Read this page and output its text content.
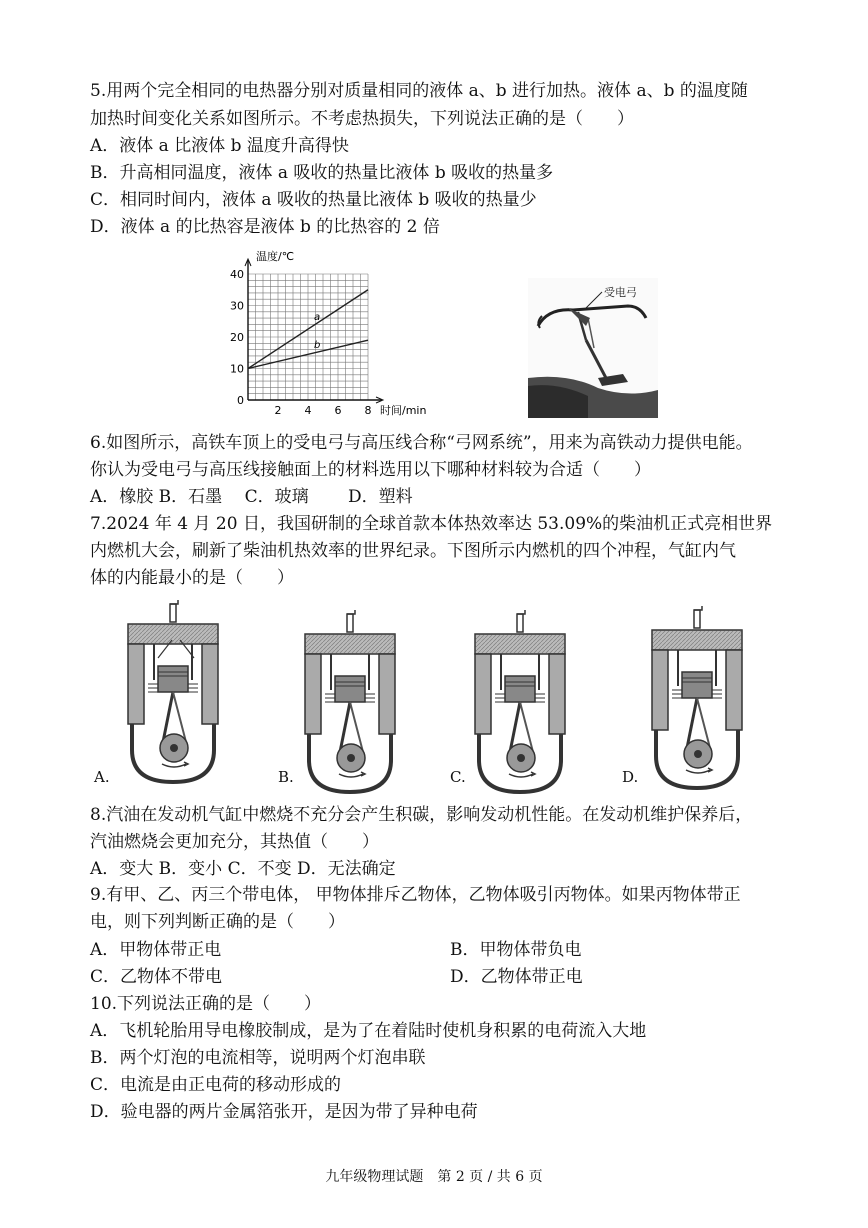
5.用两个完全相同的电热器分别对质量相同的液体 a、b 进行加热。液体 a、b 的温度随
加热时间变化关系如图所示。不考虑热损失，下列说法正确的是（　　）
A．液体 a 比液体 b 温度升高得快
B．升高相同温度，液体 a 吸收的热量比液体 b 吸收的热量多
C．相同时间内，液体 a 吸收的热量比液体 b 吸收的热量少
D．液体 a 的比热容是液体 b 的比热容的 2 倍
0
10
20
30
40
2 4 6 8
a
b
温度/℃
时间/min
受电弓
6.如图所示，高铁车顶上的受电弓与高压线合称“弓网系统”，用来为高铁动力提供电能。
你认为受电弓与高压线接触面上的材料选用以下哪种材料较为合适（　　）
A．橡胶 B．石墨　 C．玻璃　　 D．塑料
7.2024 年 4 月 20 日，我国研制的全球首款本体热效率达 53.09%的柴油机正式亮相世界
内燃机大会，刷新了柴油机热效率的世界纪录。下图所示内燃机的四个冲程，气缸内气
体的内能最小的是（　　）
A.	B.	C.	D.
8.汽油在发动机气缸中燃烧不充分会产生积碳，影响发动机性能。在发动机维护保养后，
汽油燃烧会更加充分，其热值（　　）
A．变大 B．变小 C．不变 D．无法确定
9.有甲、乙、丙三个带电体， 甲物体排斥乙物体，乙物体吸引丙物体。如果丙物体带正
电，则下列判断正确的是（　　）
A．甲物体带正电	B．甲物体带负电
C．乙物体不带电	D．乙物体带正电
10.下列说法正确的是（　　）
A．飞机轮胎用导电橡胶制成，是为了在着陆时使机身积累的电荷流入大地
B．两个灯泡的电流相等，说明两个灯泡串联
C．电流是由正电荷的移动形成的
D．验电器的两片金属箔张开，是因为带了异种电荷
九年级物理试题　第 2 页 / 共 6 页
